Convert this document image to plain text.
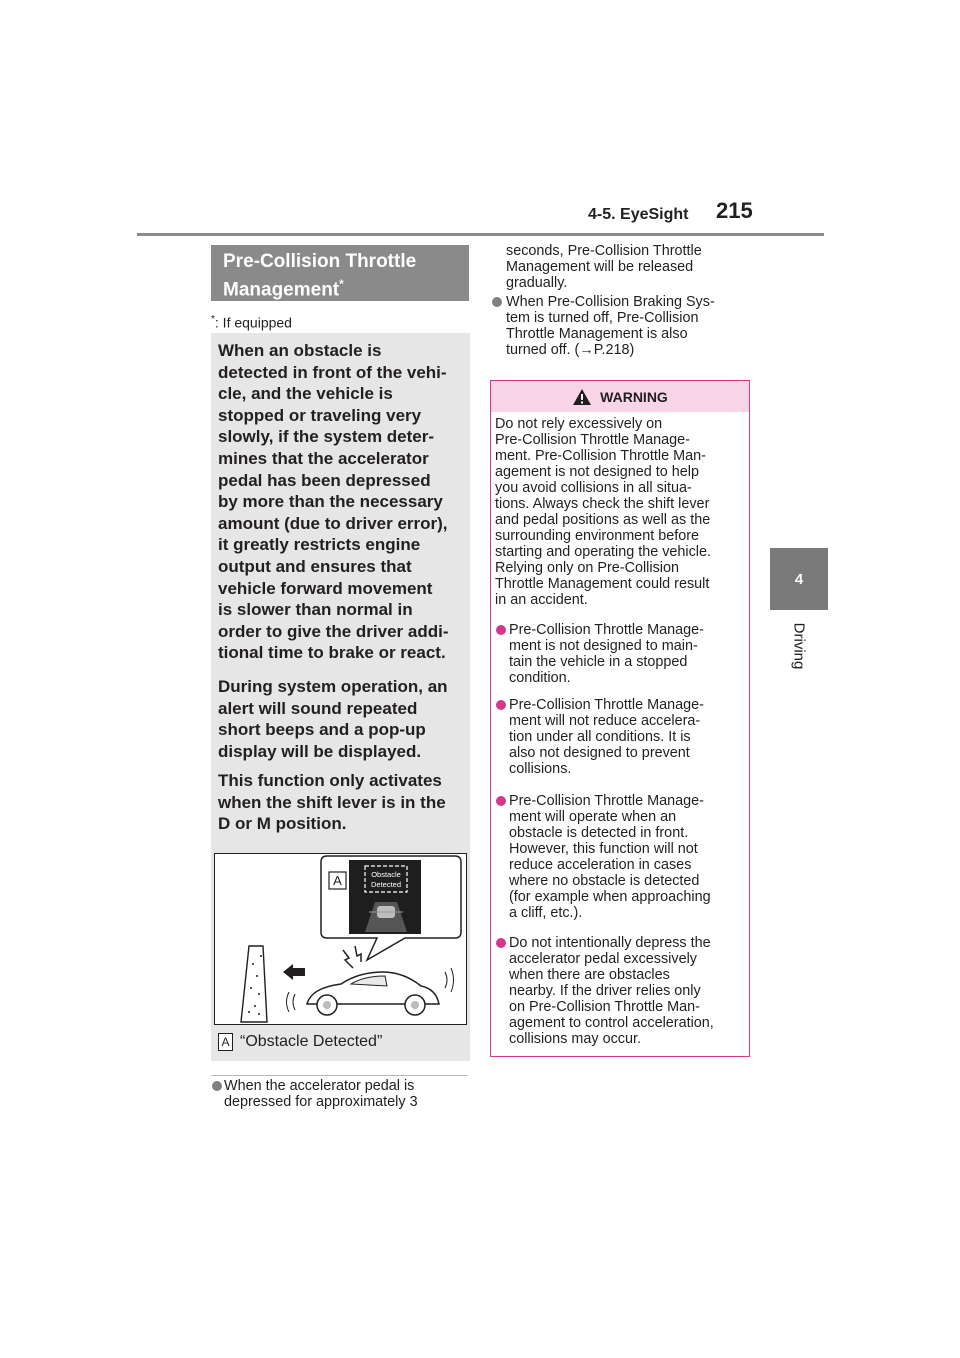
4-5. EyeSight 215
4
Driving
Pre-Collision Throttle
Management*
*: If equipped
When an obstacle is
detected in front of the vehi-
cle, and the vehicle is
stopped or traveling very
slowly, if the system deter-
mines that the accelerator
pedal has been depressed
by more than the necessary
amount (due to driver error),
it greatly restricts engine
output and ensures that
vehicle forward movement
is slower than normal in
order to give the driver addi-
tional time to brake or react.
During system operation, an
alert will sound repeated
short beeps and a pop-up
display will be displayed.
This function only activates
when the shift lever is in the
D or M position.
Obstacle
Detected
A
A “Obstacle Detected”
When the accelerator pedal is
depressed for approximately 3
seconds, Pre-Collision Throttle
Management will be released
gradually.
When Pre-Collision Braking Sys-
tem is turned off, Pre-Collision
Throttle Management is also
turned off. (→P.218)
WARNING
Do not rely excessively on
Pre-Collision Throttle Manage-
ment. Pre-Collision Throttle Man-
agement is not designed to help
you avoid collisions in all situa-
tions. Always check the shift lever
and pedal positions as well as the
surrounding environment before
starting and operating the vehicle.
Relying only on Pre-Collision
Throttle Management could result
in an accident.
Pre-Collision Throttle Manage-
ment is not designed to main-
tain the vehicle in a stopped
condition.
Pre-Collision Throttle Manage-
ment will not reduce accelera-
tion under all conditions. It is
also not designed to prevent
collisions.
Pre-Collision Throttle Manage-
ment will operate when an
obstacle is detected in front.
However, this function will not
reduce acceleration in cases
where no obstacle is detected
(for example when approaching
a cliff, etc.).
Do not intentionally depress the
accelerator pedal excessively
when there are obstacles
nearby. If the driver relies only
on Pre-Collision Throttle Man-
agement to control acceleration,
collisions may occur.
